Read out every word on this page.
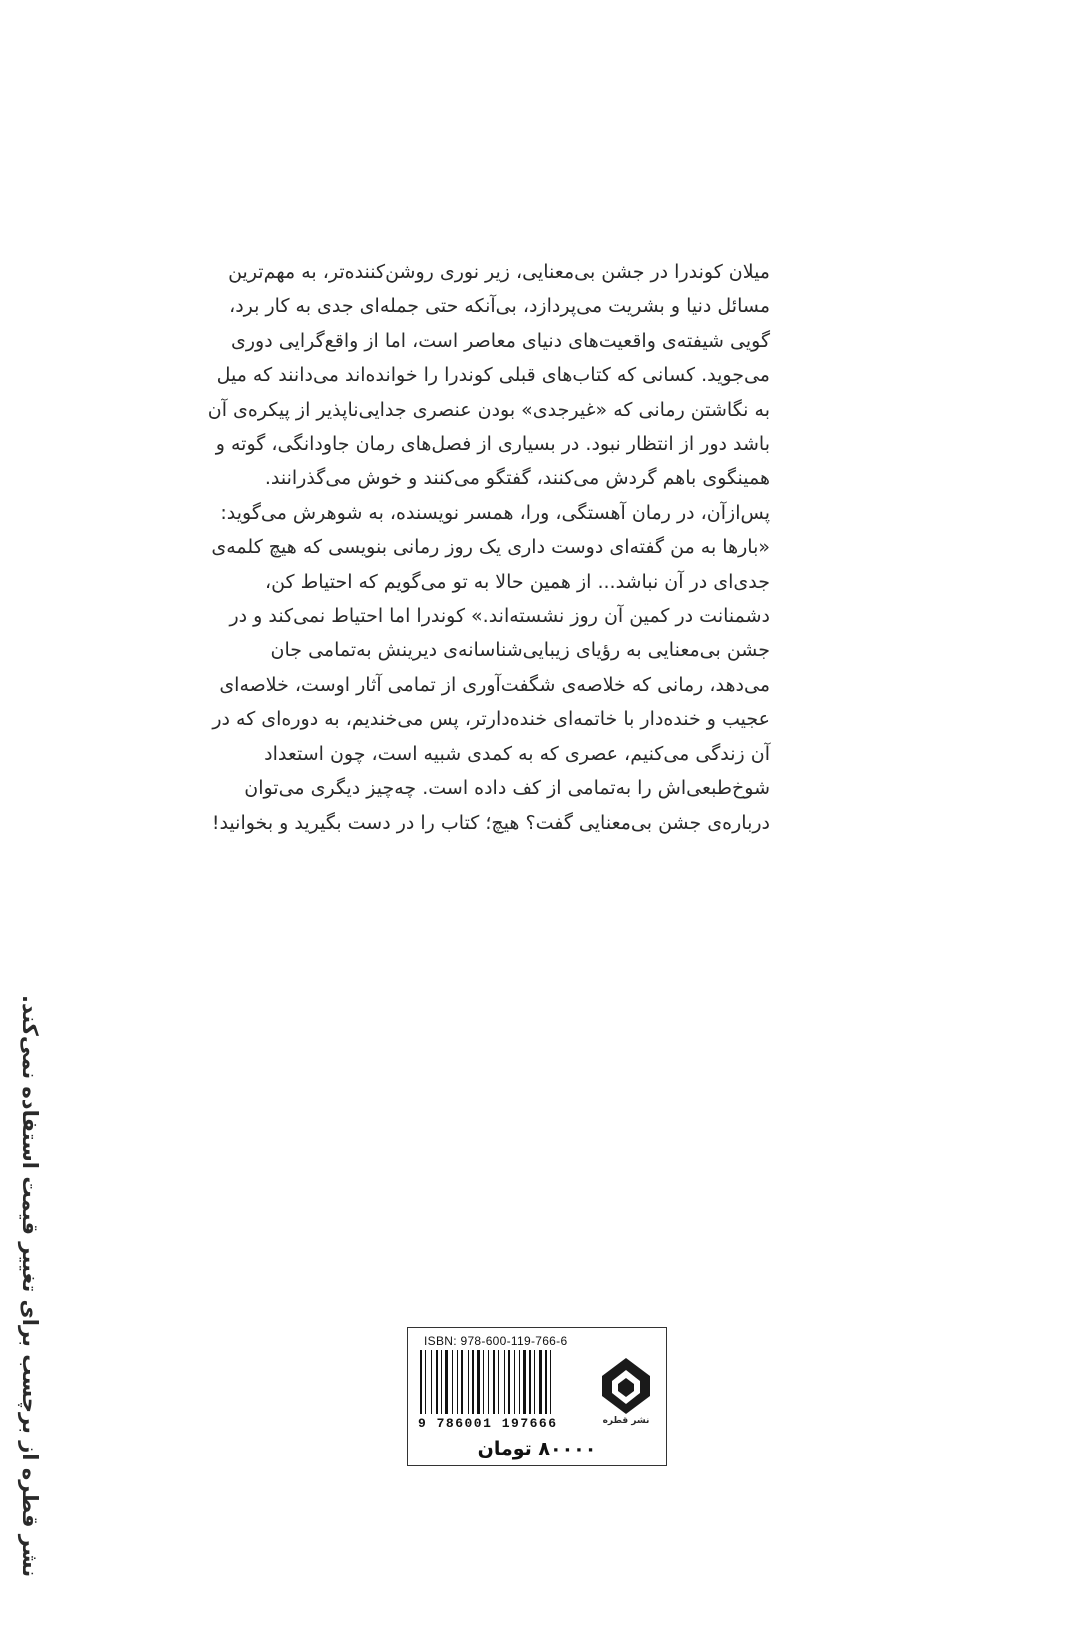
میلان کوندرا در جشن بی‌معنایی، زیر نوری روشن‌کننده‌تر، به مهم‌ترین

مسائل دنیا و بشریت می‌پردازد، بی‌آنکه حتی جمله‌ای جدی به کار برد،

گویی شیفته‌ی واقعیت‌های دنیای معاصر است، اما از واقع‌گرایی دوری

می‌جوید. کسانی که کتاب‌های قبلی کوندرا را خوانده‌اند می‌دانند که میل

به نگاشتن رمانی که «غیرجدی» بودن عنصری جدایی‌ناپذیر از پیکره‌ی آن

باشد دور از انتظار نبود. در بسیاری از فصل‌های رمان جاودانگی، گوته و

همینگوی باهم گردش می‌کنند، گفتگو می‌کنند و خوش می‌گذرانند.

پس‌ازآن، در رمان آهستگی، ورا، همسر نویسنده، به شوهرش می‌گوید:

«بارها به من گفته‌ای دوست داری یک روز رمانی بنویسی که هیچ کلمه‌ی

جدی‌ای در آن نباشد... از همین حالا به تو می‌گویم که احتیاط کن،

دشمنانت در کمین آن روز نشسته‌اند.» کوندرا اما احتیاط نمی‌کند و در

جشن بی‌معنایی به رؤیای زیبایی‌شناسانه‌ی دیرینش به‌تمامی جان

می‌دهد، رمانی که خلاصه‌ی شگفت‌آوری از تمامی آثار اوست، خلاصه‌ای

عجیب و خنده‌دار با خاتمه‌ای خنده‌دارتر، پس می‌خندیم، به دوره‌ای که در

آن زندگی می‌کنیم، عصری که به کمدی شبیه است، چون استعداد

شوخ‌طبعی‌اش را به‌تمامی از کف داده است. چه‌چیز دیگری می‌توان

درباره‌ی جشن بی‌معنایی گفت؟ هیچ؛ کتاب را در دست بگیرید و بخوانید!

نشر قطره از برچسب برای تغییر قیمت استفاده نمی‌کند.	ISBN: 978-600-119-766-6
9 786001 197666	نشر قطره
۸۰۰۰۰ تومان
